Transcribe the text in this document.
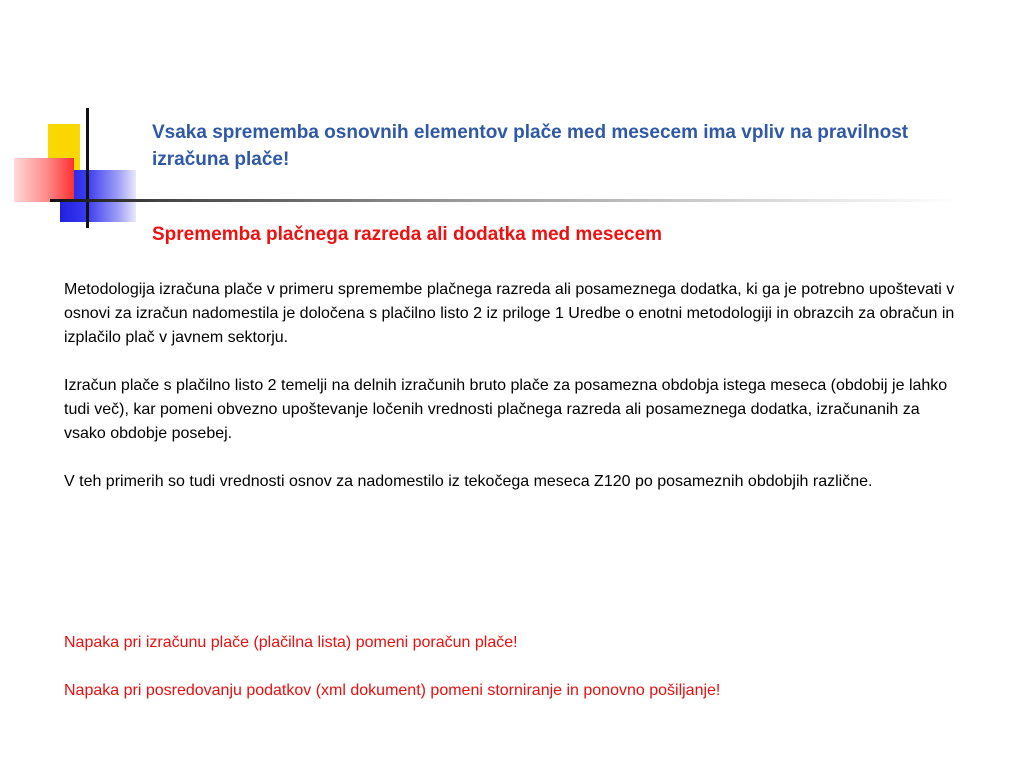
Vsaka sprememba osnovnih elementov plače med mesecem ima vpliv na pravilnost izračuna plače!
Sprememba plačnega razreda ali dodatka med mesecem

Metodologija izračuna plače v primeru spremembe plačnega razreda ali posameznega dodatka, ki ga je potrebno upoštevati v osnovi za izračun nadomestila je določena s plačilno listo 2 iz priloge 1 Uredbe o enotni metodologiji in obrazcih za obračun in izplačilo plač v javnem sektorju.

Izračun plače s plačilno listo 2 temelji na delnih izračunih bruto plače za posamezna obdobja istega meseca (obdobij je lahko tudi več), kar pomeni obvezno upoštevanje ločenih vrednosti plačnega razreda ali posameznega dodatka, izračunanih za vsako obdobje posebej.

V teh primerih so tudi vrednosti osnov za nadomestilo iz tekočega meseca Z120 po posameznih obdobjih različne.

Napaka pri izračunu plače (plačilna lista) pomeni poračun plače!

Napaka pri posredovanju podatkov (xml dokument) pomeni storniranje in ponovno pošiljanje!
